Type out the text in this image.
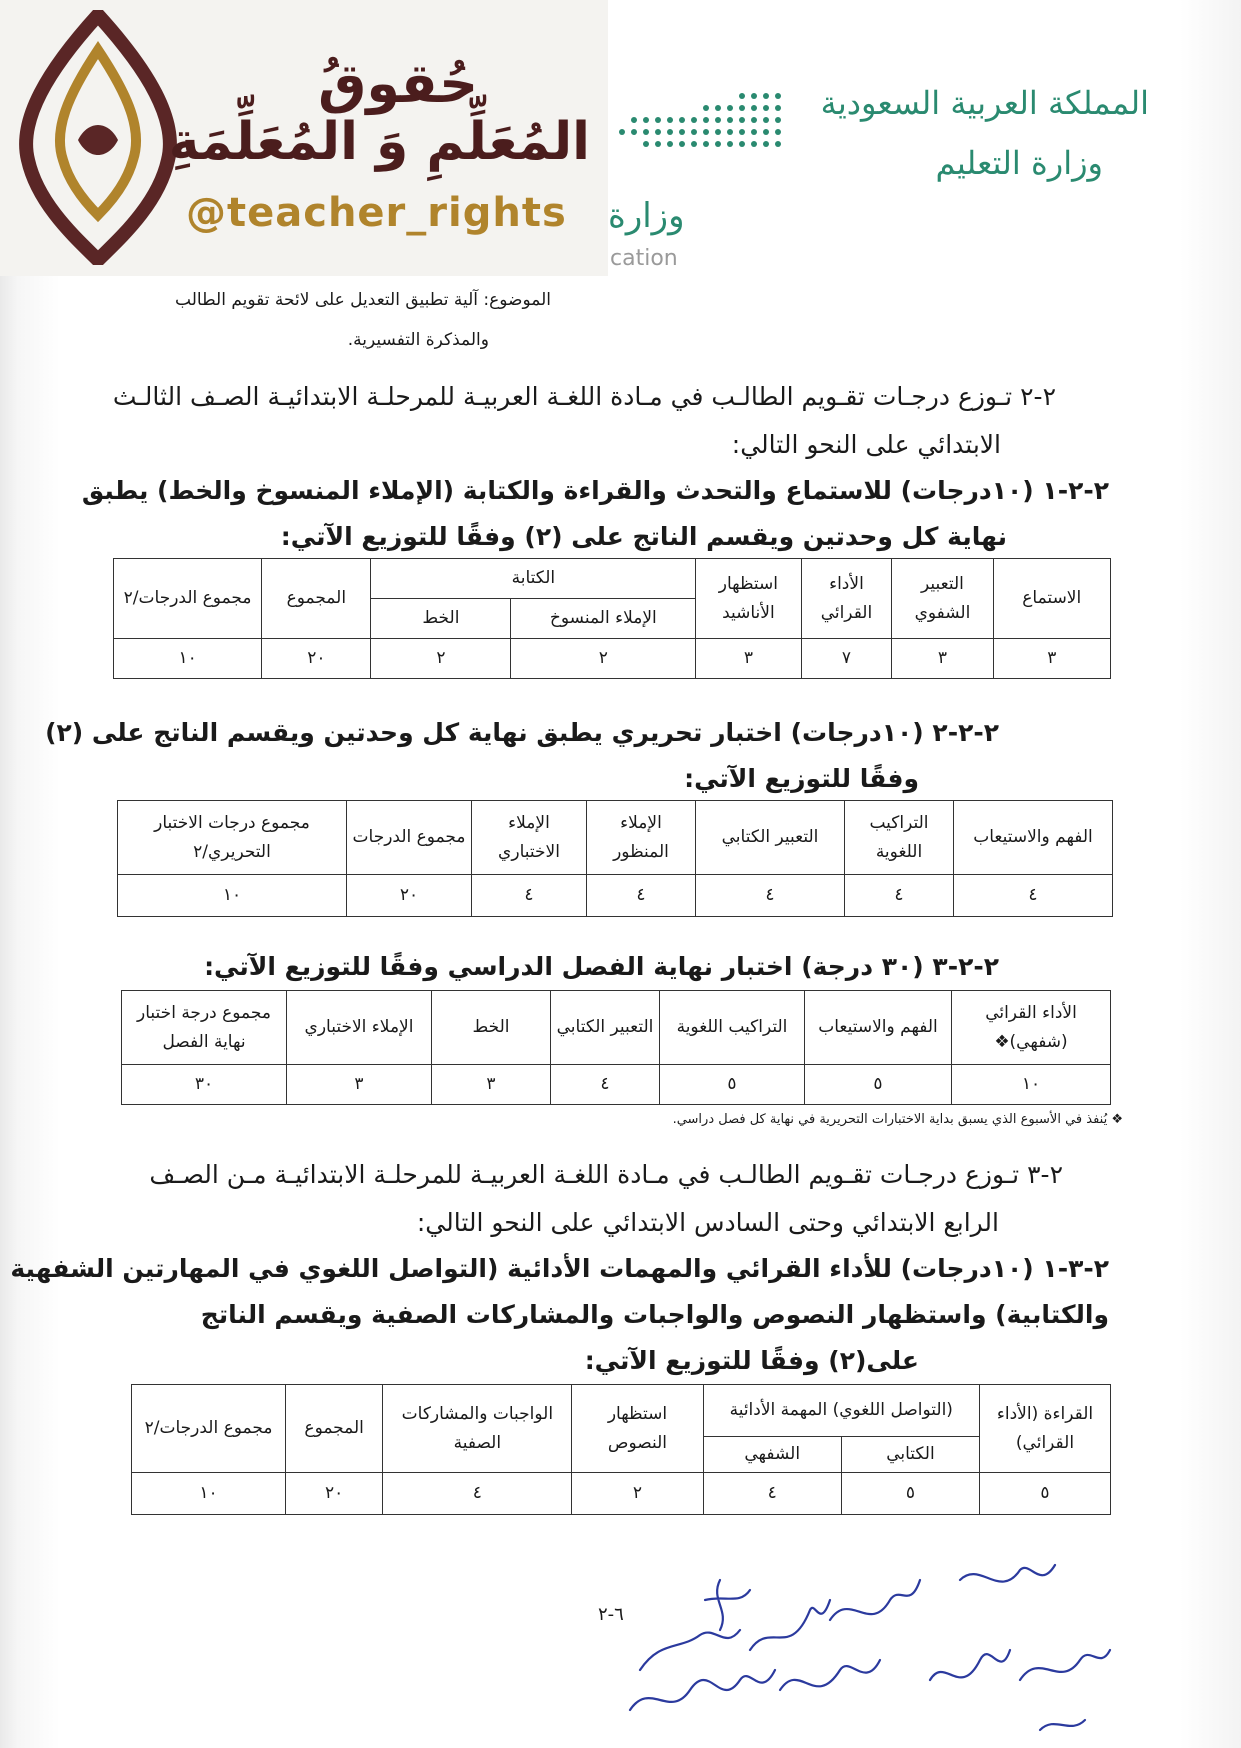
المملكة العربية السعودية
وزارة التعليم
وزارة
cation
حُقوقُ
المُعَلِّمِ وَ المُعَلِّمَةِ
@teacher_rights
الموضوع: آلية تطبيق التعديل على لائحة تقويم الطالب
والمذكرة التفسيرية.
٢-٢ تـوزع درجـات تقـويم الطالـب في مـادة اللغـة العربيـة للمرحلـة الابتدائيـة الصـف الثالـث
الابتدائي على النحو التالي:
٢-٢-١ (١٠درجات) للاستماع والتحدث والقراءة والكتابة (الإملاء المنسوخ والخط) يطبق
نهاية كل وحدتين ويقسم الناتج على (٢) وفقًا للتوزيع الآتي:
الاستماع	التعبير الشفوي	الأداء القرائي	استظهار الأناشيد	الكتابة		المجموع	مجموع الدرجات/٢
				الإملاء المنسوخ	الخط		
٣	٣	٧	٣	٢	٢	٢٠	١٠
٢-٢-٢ (١٠درجات) اختبار تحريري يطبق نهاية كل وحدتين ويقسم الناتج على (٢)
وفقًا للتوزيع الآتي:
الفهم والاستيعاب	التراكيب اللغوية	التعبير الكتابي	الإملاء المنظور	الإملاء الاختباري	مجموع الدرجات	مجموع درجات الاختبار التحريري/٢
٤	٤	٤	٤	٤	٢٠	١٠
٢-٢-٣ (٣٠ درجة) اختبار نهاية الفصل الدراسي وفقًا للتوزيع الآتي:
الأداء القرائي (شفهي)❖	الفهم والاستيعاب	التراكيب اللغوية	التعبير الكتابي	الخط	الإملاء الاختباري	مجموع درجة اختبار نهاية الفصل
١٠	٥	٥	٤	٣	٣	٣٠
❖ يُنفذ في الأسبوع الذي يسبق بداية الاختبارات التحريرية في نهاية كل فصل دراسي.
٢-٣ تـوزع درجـات تقـويم الطالـب في مـادة اللغـة العربيـة للمرحلـة الابتدائيـة مـن الصـف
الرابع الابتدائي وحتى السادس الابتدائي على النحو التالي:
٢-٣-١ (١٠درجات) للأداء القرائي والمهمات الأدائية (التواصل اللغوي في المهارتين الشفهية
والكتابية) واستظهار النصوص والواجبات والمشاركات الصفية ويقسم الناتج
على(٢) وفقًا للتوزيع الآتي:
القراءة (الأداء القرائي)	(التواصل اللغوي) المهمة الأدائية		استظهار النصوص	الواجبات والمشاركات الصفية	المجموع	مجموع الدرجات/٢
	الكتابي	الشفهي				
٥	٥	٤	٢	٤	٢٠	١٠
٦-٢
